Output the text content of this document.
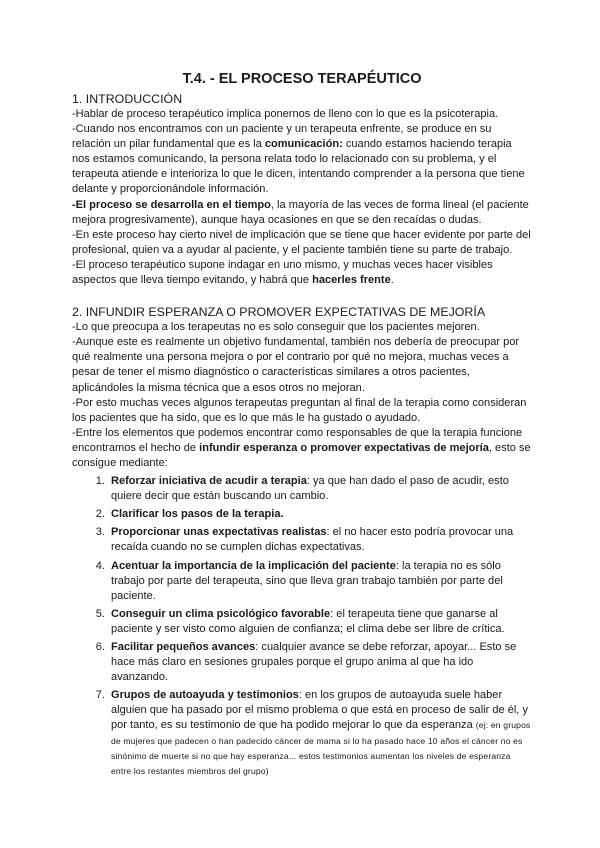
T.4. - EL PROCESO TERAPÉUTICO
1. INTRODUCCIÓN

-Hablar de proceso terapéutico implica ponernos de lleno con lo que es la psicoterapia.

-Cuando nos encontramos con un paciente y un terapeuta enfrente, se produce en su relación un pilar fundamental que es la comunicación: cuando estamos haciendo terapia nos estamos comunicando, la persona relata todo lo relacionado con su problema, y el terapeuta atiende e interioriza lo que le dicen, intentando comprender a la persona que tiene delante y proporcionándole información.

-El proceso se desarrolla en el tiempo, la mayoría de las veces de forma lineal (el paciente mejora progresivamente), aunque haya ocasiones en que se den recaídas o dudas.

-En este proceso hay cierto nivel de implicación que se tiene que hacer evidente por parte del profesional, quien va a ayudar al paciente, y el paciente también tiene su parte de trabajo.

-El proceso terapéutico supone indagar en uno mismo, y muchas veces hacer visibles aspectos que lleva tiempo evitando, y habrá que hacerles frente.

2. INFUNDIR ESPERANZA O PROMOVER EXPECTATIVAS DE MEJORÍA

-Lo que preocupa a los terapeutas no es solo conseguir que los pacientes mejoren.

-Aunque este es realmente un objetivo fundamental, también nos debería de preocupar por qué realmente una persona mejora o por el contrario por qué no mejora, muchas veces a pesar de tener el mismo diagnóstico o características similares a otros pacientes, aplicándoles la misma técnica que a esos otros no mejoran.

-Por esto muchas veces algunos terapeutas preguntan al final de la terapia como consideran los pacientes que ha sido, que es lo que más le ha gustado o ayudado.

-Entre los elementos que podemos encontrar como responsables de que la terapia funcione encontramos el hecho de infundir esperanza o promover expectativas de mejoría, esto se consigue mediante:

1. Reforzar iniciativa de acudir a terapia: ya que han dado el paso de acudir, esto quiere decir que están buscando un cambio.
2. Clarificar los pasos de la terapia.
3. Proporcionar unas expectativas realistas: el no hacer esto podría provocar una recaída cuando no se cumplen dichas expectativas.
4. Acentuar la importancia de la implicación del paciente: la terapia no es sólo trabajo por parte del terapeuta, sino que lleva gran trabajo también por parte del paciente.
5. Conseguir un clima psicológico favorable: el terapeuta tiene que ganarse al paciente y ser visto como alguien de confianza; el clima debe ser libre de crítica.
6. Facilitar pequeños avances: cualquier avance se debe reforzar, apoyar... Esto se hace más claro en sesiones grupales porque el grupo anima al que ha ido avanzando.
7. Grupos de autoayuda y testimonios: en los grupos de autoayuda suele haber alguien que ha pasado por el mismo problema o que está en proceso de salir de él, y por tanto, es su testimonio de que ha podido mejorar lo que da esperanza (ej: en grupos de mujeres que padecen o han padecido cáncer de mama si lo ha pasado hace 10 años el cáncer no es sinónimo de muerte si no que hay esperanza... estos testimonios aumentan los niveles de esperanza entre los restantes miembros del grupo)
